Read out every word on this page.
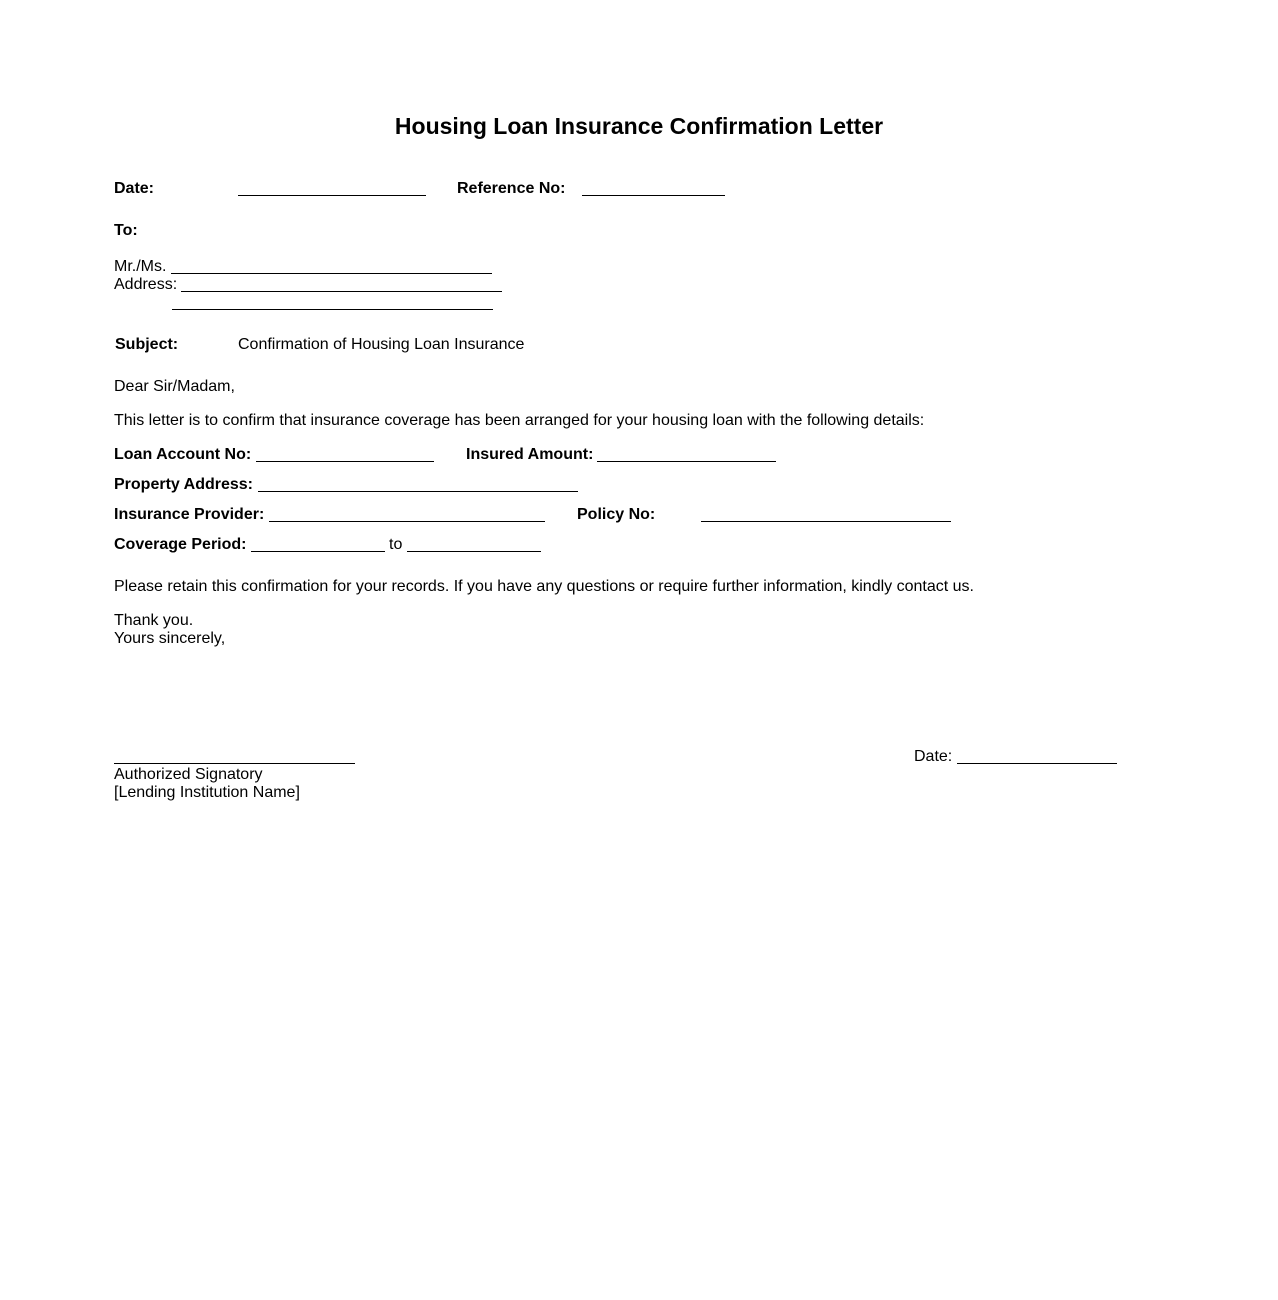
Housing Loan Insurance Confirmation Letter
Date:	Reference No:
To:
Mr./Ms.
Address:
Subject:	Confirmation of Housing Loan Insurance
Dear Sir/Madam,
This letter is to confirm that insurance coverage has been arranged for your housing loan with the following details:
Loan Account No:	Insured Amount:
Property Address:
Insurance Provider:	Policy No:
Coverage Period:	to
Please retain this confirmation for your records. If you have any questions or require further information, kindly contact us.
Thank you.
Yours sincerely,
Authorized Signatory
[Lending Institution Name]
Date:
